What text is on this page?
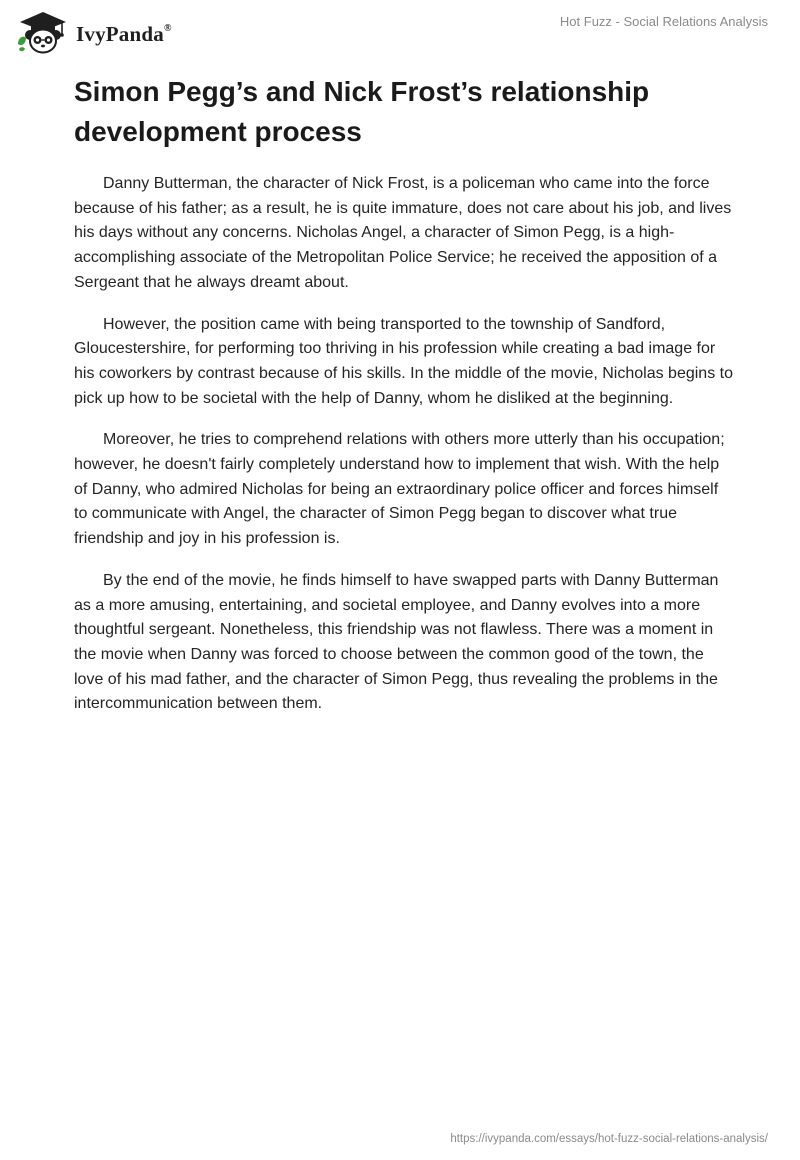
IvyPanda®	Hot Fuzz - Social Relations Analysis
Simon Pegg’s and Nick Frost’s relationship development process

Danny Butterman, the character of Nick Frost, is a policeman who came into the force because of his father; as a result, he is quite immature, does not care about his job, and lives his days without any concerns. Nicholas Angel, a character of Simon Pegg, is a high-accomplishing associate of the Metropolitan Police Service; he received the apposition of a Sergeant that he always dreamt about.

However, the position came with being transported to the township of Sandford, Gloucestershire, for performing too thriving in his profession while creating a bad image for his coworkers by contrast because of his skills. In the middle of the movie, Nicholas begins to pick up how to be societal with the help of Danny, whom he disliked at the beginning.

Moreover, he tries to comprehend relations with others more utterly than his occupation; however, he doesn't fairly completely understand how to implement that wish. With the help of Danny, who admired Nicholas for being an extraordinary police officer and forces himself to communicate with Angel, the character of Simon Pegg began to discover what true friendship and joy in his profession is.

By the end of the movie, he finds himself to have swapped parts with Danny Butterman as a more amusing, entertaining, and societal employee, and Danny evolves into a more thoughtful sergeant. Nonetheless, this friendship was not flawless. There was a moment in the movie when Danny was forced to choose between the common good of the town, the love of his mad father, and the character of Simon Pegg, thus revealing the problems in the intercommunication between them.

https://ivypanda.com/essays/hot-fuzz-social-relations-analysis/
